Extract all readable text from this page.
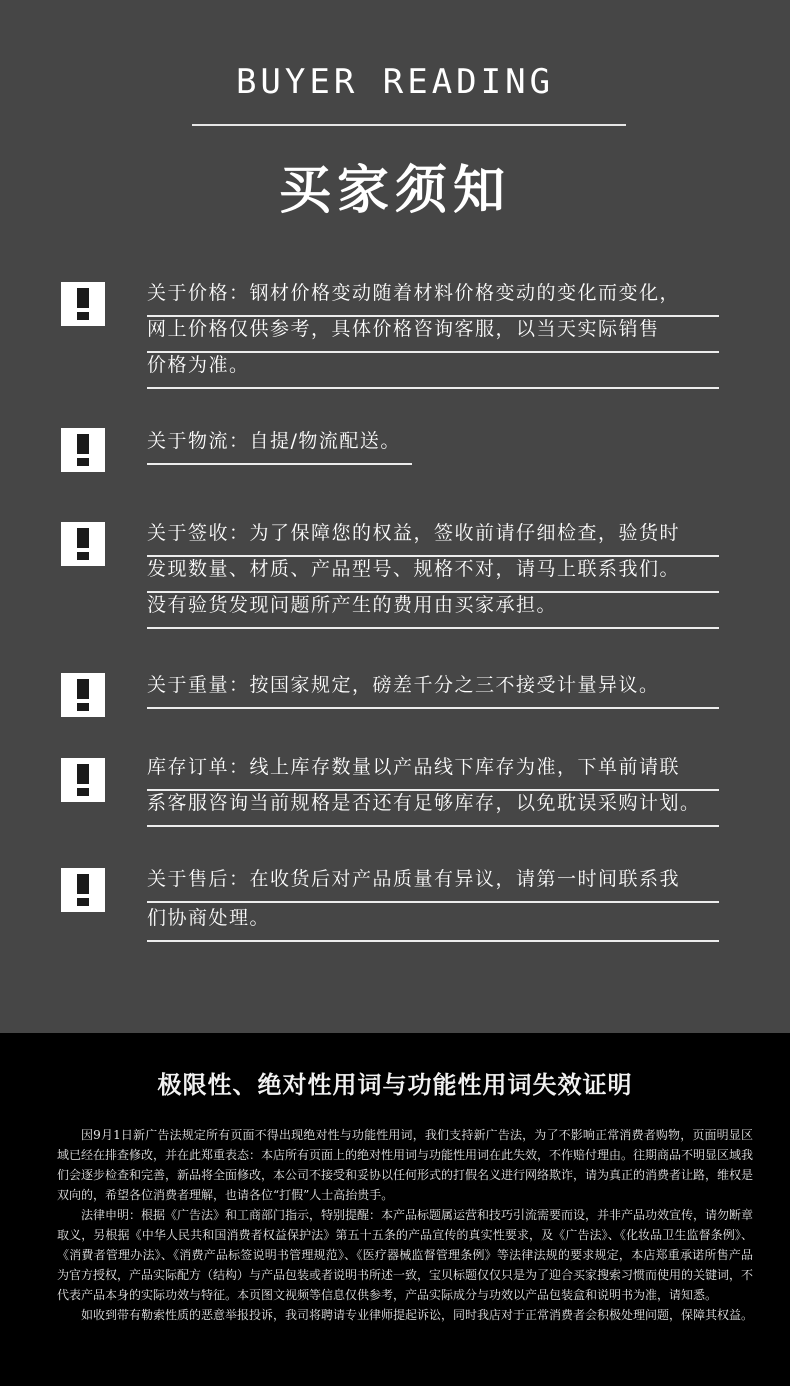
BUYER READING
买家须知
关于价格：钢材价格变动随着材料价格变动的变化而变化，
网上价格仅供参考，具体价格咨询客服，以当天实际销售
价格为准。
关于物流：自提/物流配送。
关于签收：为了保障您的权益，签收前请仔细检查，验货时
发现数量、材质、产品型号、规格不对，请马上联系我们。
没有验货发现问题所产生的费用由买家承担。
关于重量：按国家规定，磅差千分之三不接受计量异议。
库存订单：线上库存数量以产品线下库存为准，下单前请联
系客服咨询当前规格是否还有足够库存，以免耽误采购计划。
关于售后：在收货后对产品质量有异议，请第一时间联系我
们协商处理。
极限性、绝对性用词与功能性用词失效证明

因9月1日新广告法规定所有页面不得出现绝对性与功能性用词，我们支持新广告法，为了不影响正常消费者购物，页面明显区域已经在排查修改，并在此郑重表态：本店所有页面上的绝对性用词与功能性用词在此失效，不作赔付理由。往期商品不明显区域我们会逐步检查和完善，新品将全面修改，本公司不接受和妥协以任何形式的打假名义进行网络欺诈，请为真正的消费者让路，维权是双向的，希望各位消费者理解，也请各位“打假”人士高抬贵手。

法律申明：根据《广告法》和工商部门指示，特别提醒：本产品标题属运营和技巧引流需要而设，并非产品功效宣传，请勿断章取义，另根据《中华人民共和国消费者权益保护法》第五十五条的产品宣传的真实性要求，及《广告法》、《化妆品卫生监督条例》、《消費者管理办法》、《消费产品标签说明书管理规范》、《医疗器械监督管理条例》等法律法规的要求规定，本店郑重承诺所售产品为官方授权，产品实际配方（结构）与产品包装或者说明书所述一致，宝贝标题仅仅只是为了迎合买家搜索习惯而使用的关键词，不代表产品本身的实际功效与特征。本页图文视频等信息仅供参考，产品实际成分与功效以产品包装盒和说明书为准，请知悉。

如收到带有勒索性质的恶意举报投诉，我司将聘请专业律师提起诉讼，同时我店对于正常消费者会积极处理问题，保障其权益。
